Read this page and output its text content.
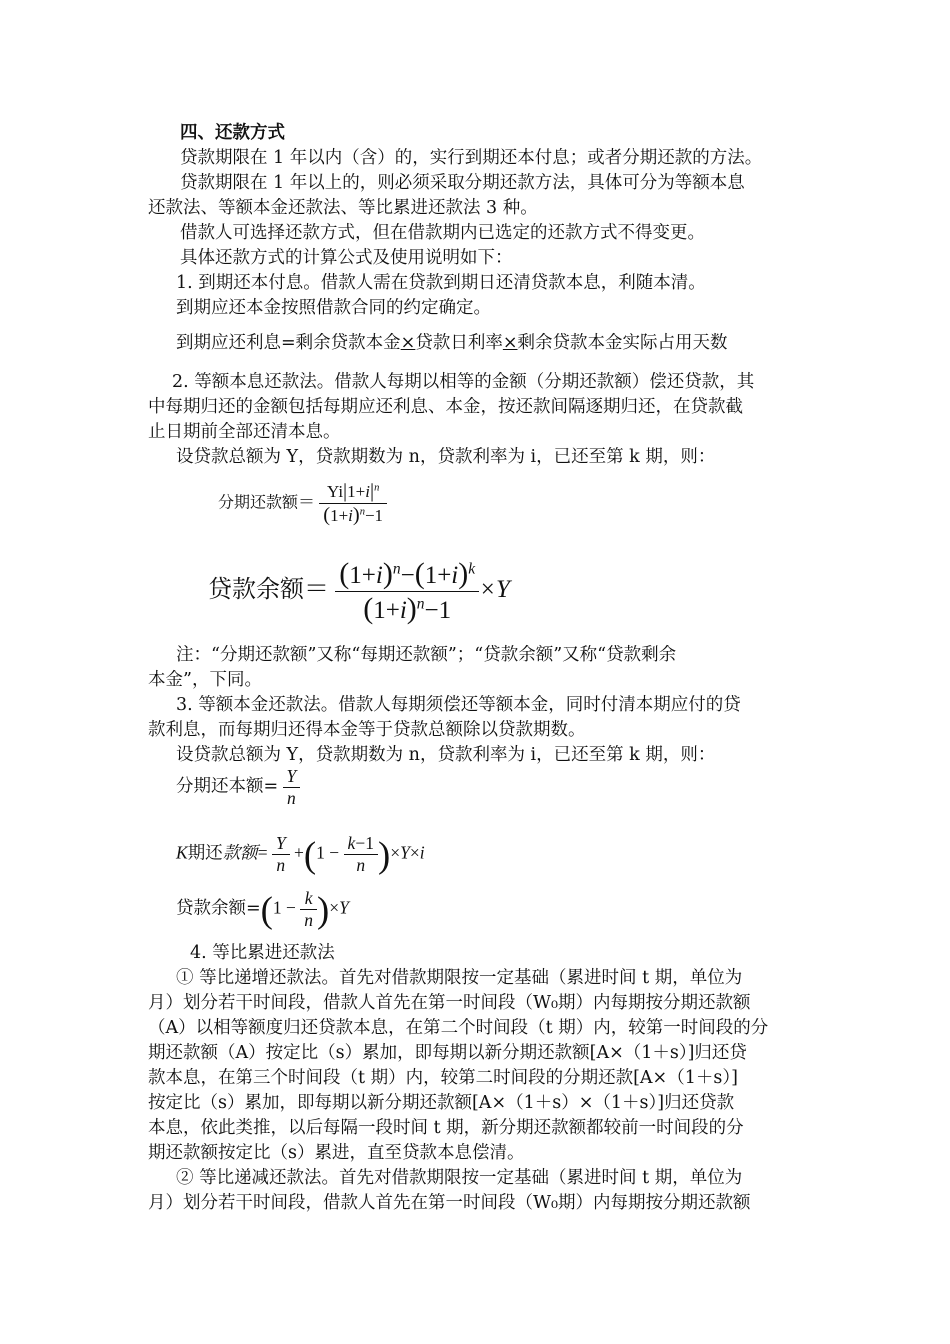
四、还款方式
贷款期限在 1 年以内（含）的，实行到期还本付息；或者分期还款的方法。
贷款期限在 1 年以上的，则必须采取分期还款方法，具体可分为等额本息
还款法、等额本金还款法、等比累进还款法 3 种。
借款人可选择还款方式，但在借款期内已选定的还款方式不得变更。
具体还款方式的计算公式及使用说明如下：
1. 到期还本付息。借款人需在贷款到期日还清贷款本息，利随本清。
到期应还本金按照借款合同的约定确定。
到期应还利息=剩余贷款本金×贷款日利率×剩余贷款本金实际占用天数
2. 等额本息还款法。借款人每期以相等的金额（分期还款额）偿还贷款，其
中每期归还的金额包括每期应还利息、本金，按还款间隔逐期归还，在贷款截
止日期前全部还清本息。
设贷款总额为 Y，贷款期数为 n，贷款利率为 i，已还至第 k 期，则：
分期还款额＝ $\frac{Yi|1+i|^n}{(1+i)^n-1}$
贷款余额＝ $\frac{(1+i)^n-(1+i)^k}{(1+i)^n-1} \times Y$
注：“分期还款额”又称“每期还款额”；“贷款余额”又称“贷款剩余
本金”，下同。
3. 等额本金还款法。借款人每期须偿还等额本金，同时付清本期应付的贷
款利息，而每期归还得本金等于贷款总额除以贷款期数。
设贷款总额为 Y，贷款期数为 n，贷款利率为 i，已还至第 k 期，则：
分期还本额= $\frac{Y}{n}$
K期还款额= $\frac{Y}{n} +(1 - \frac{k-1}{n} )\times Y\times i$
贷款余额$=(1 - \frac{k}{n} )\times Y$
4. 等比累进还款法
① 等比递增还款法。首先对借款期限按一定基础（累进时间 t 期，单位为
月）划分若干时间段，借款人首先在第一时间段（W₀期）内每期按分期还款额
（A）以相等额度归还贷款本息，在第二个时间段（t 期）内，较第一时间段的分
期还款额（A）按定比（s）累加，即每期以新分期还款额[A×（1＋s）]归还贷
款本息，在第三个时间段（t 期）内，较第二时间段的分期还款[A×（1＋s）]
按定比（s）累加，即每期以新分期还款额[A×（1＋s）×（1＋s）]归还贷款
本息，依此类推，以后每隔一段时间 t 期，新分期还款额都较前一时间段的分
期还款额按定比（s）累进，直至贷款本息偿清。
② 等比递减还款法。首先对借款期限按一定基础（累进时间 t 期，单位为
月）划分若干时间段，借款人首先在第一时间段（W₀期）内每期按分期还款额
